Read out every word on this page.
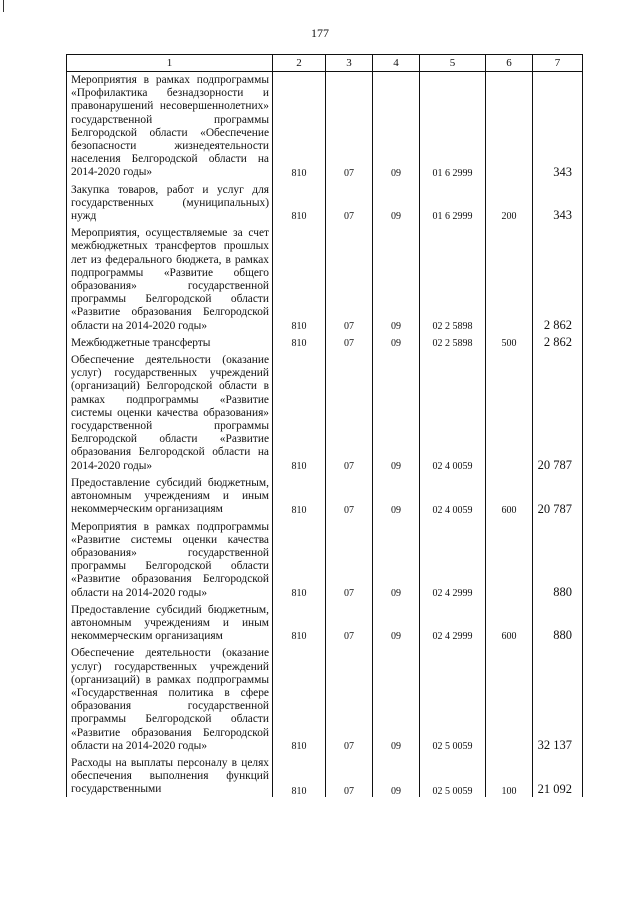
177
1	2	3	4	5	6	7
Мероприятия в рамках подпрограммы «Профилактика безнадзорности и правонарушений несовершеннолетних» государственной программы Белгородской области «Обеспечение безопасности жизнедеятельности населения Белгородской области на 2014-2020 годы»	810	07	09	01 6 2999		343
Закупка товаров, работ и услуг для государственных (муниципальных) нужд	810	07	09	01 6 2999	200	343
Мероприятия, осуществляемые за счет межбюджетных трансфертов прошлых лет из федерального бюджета, в рамках подпрограммы «Развитие общего образования» государственной программы Белгородской области «Развитие образования Белгородской области на 2014-2020 годы»	810	07	09	02 2 5898		2 862
Межбюджетные трансферты	810	07	09	02 2 5898	500	2 862
Обеспечение деятельности (оказание услуг) государственных учреждений (организаций) Белгородской области в рамках подпрограммы «Развитие системы оценки качества образования» государственной программы Белгородской области «Развитие образования Белгородской области на 2014-2020 годы»	810	07	09	02 4 0059		20 787
Предоставление субсидий бюджетным, автономным учреждениям и иным некоммерческим организациям	810	07	09	02 4 0059	600	20 787
Мероприятия в рамках подпрограммы «Развитие системы оценки качества образования» государственной программы Белгородской области «Развитие образования Белгородской области на 2014-2020 годы»	810	07	09	02 4 2999		880
Предоставление субсидий бюджетным, автономным учреждениям и иным некоммерческим организациям	810	07	09	02 4 2999	600	880
Обеспечение деятельности (оказание услуг) государственных учреждений (организаций) в рамках подпрограммы «Государственная политика в сфере образования государственной программы Белгородской области «Развитие образования Белгородской области на 2014-2020 годы»	810	07	09	02 5 0059		32 137
Расходы на выплаты персоналу в целях обеспечения выполнения функций государственными	810	07	09	02 5 0059	100	21 092
